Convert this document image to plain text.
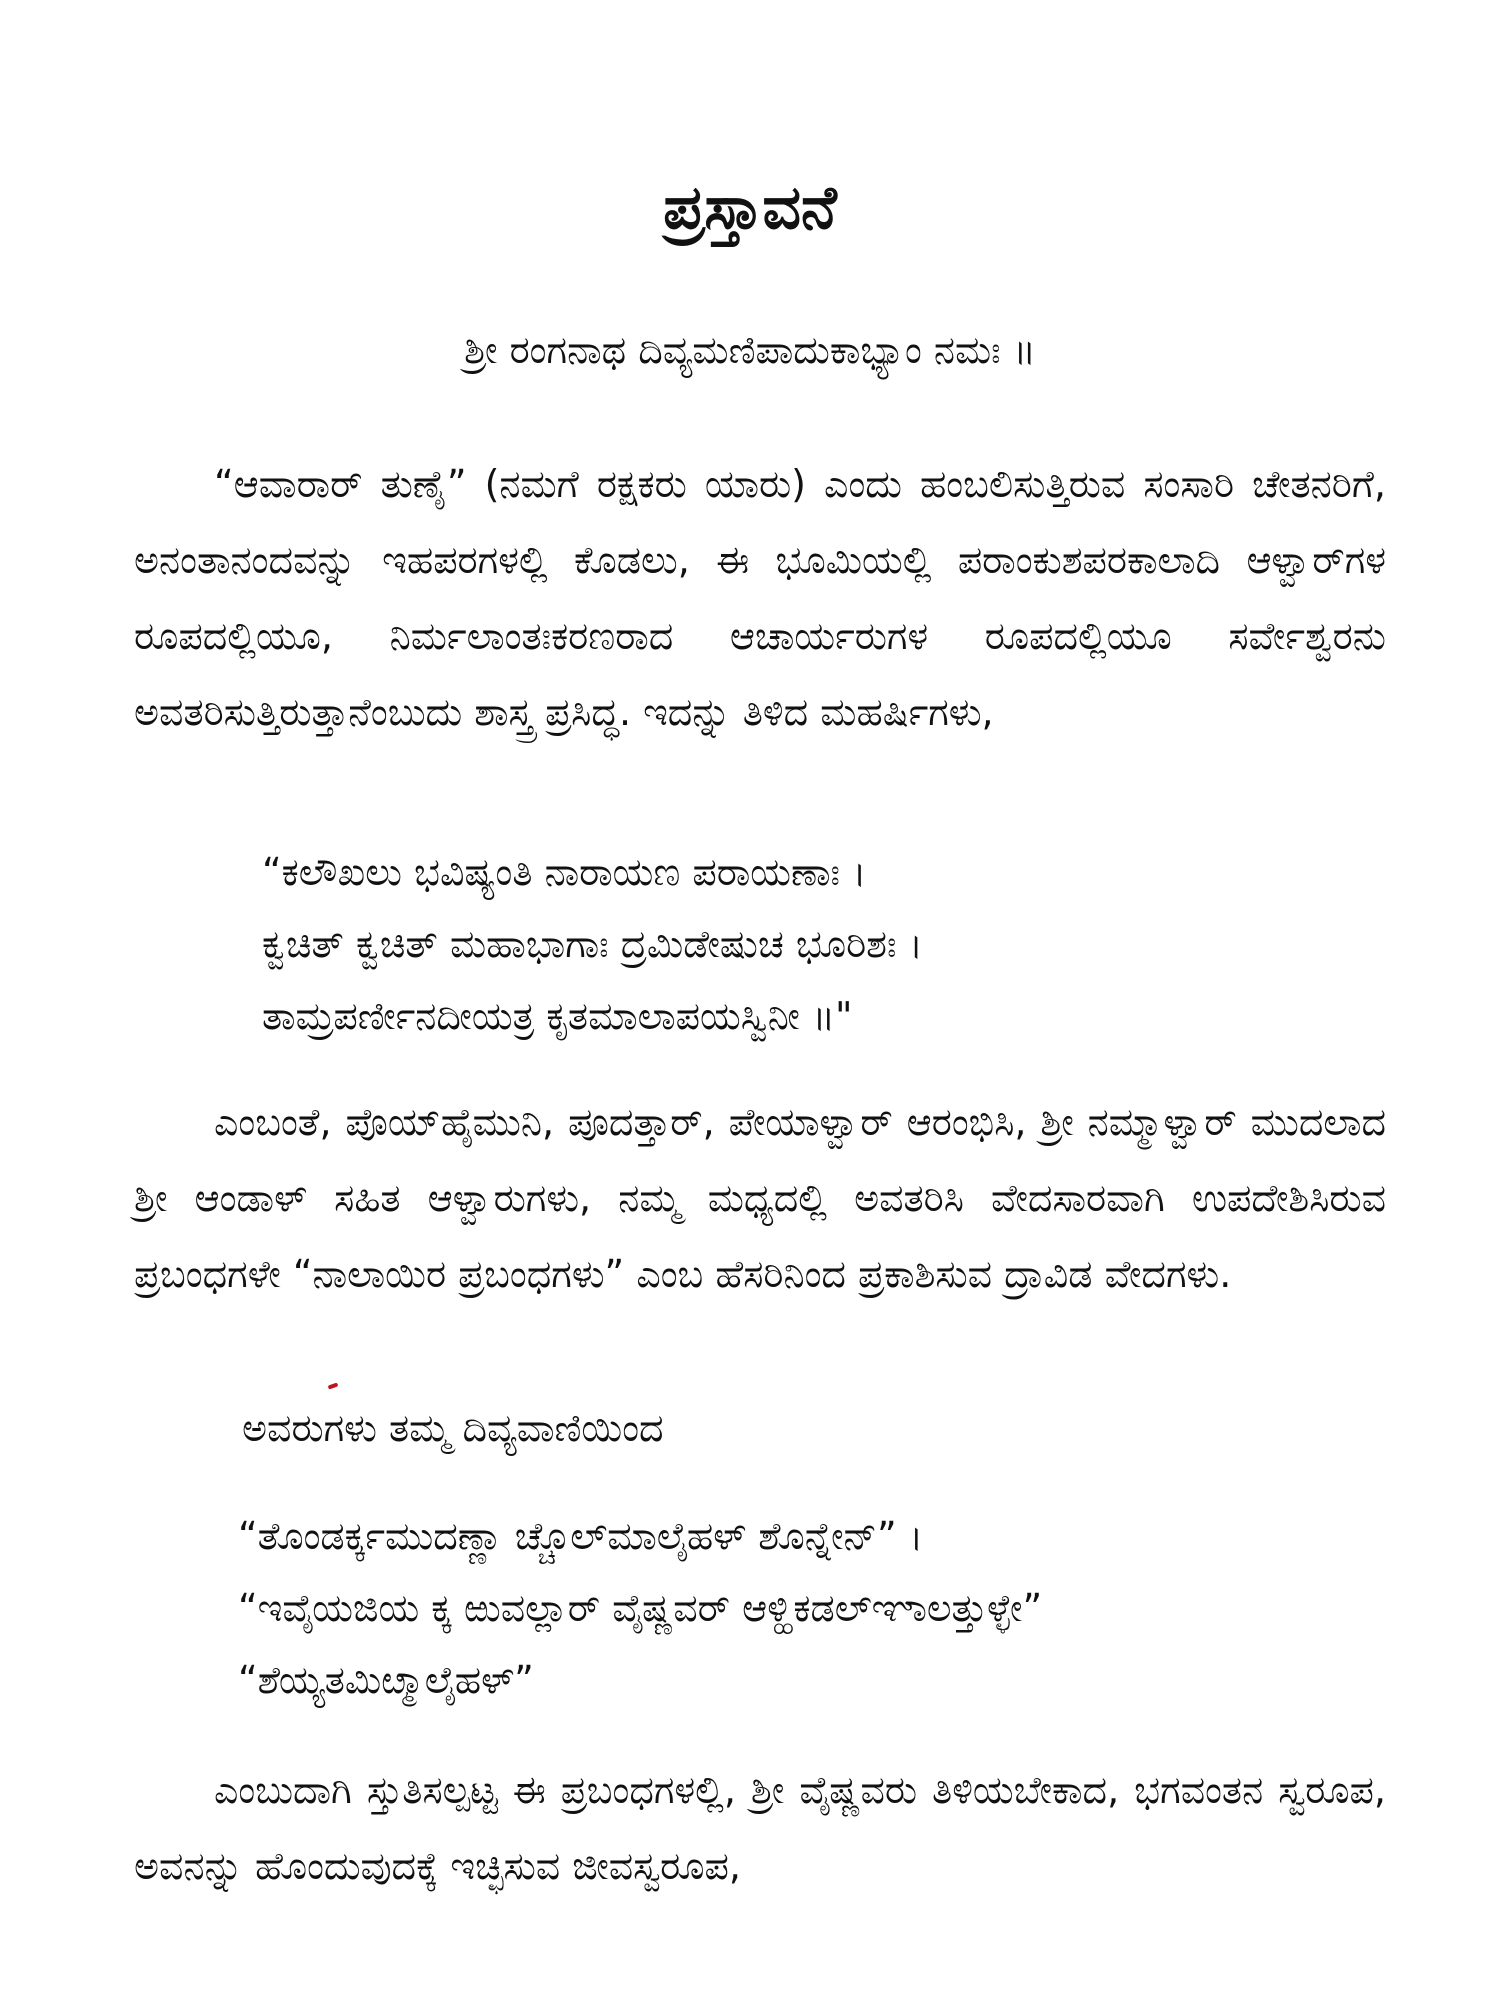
ಪ್ರಸ್ತಾವನೆ

ಶ್ರೀ ರಂಗನಾಥ ದಿವ್ಯಮಣಿಪಾದುಕಾಭ್ಯಾಂ ನಮಃ ॥

“ಆವಾರಾರ್ ತುಣೈ” (ನಮಗೆ ರಕ್ಷಕರು ಯಾರು) ಎಂದು ಹಂಬಲಿಸುತ್ತಿರುವ ಸಂಸಾರಿ ಚೇತನರಿಗೆ, ಅನಂತಾನಂದವನ್ನು ಇಹಪರಗಳಲ್ಲಿ ಕೊಡಲು, ಈ ಭೂಮಿಯಲ್ಲಿ ಪರಾಂಕುಶಪರಕಾಲಾದಿ ಆಳ್ವಾರ್‌ಗಳ ರೂಪದಲ್ಲಿಯೂ, ನಿರ್ಮಲಾಂತಃಕರಣರಾದ ಆಚಾರ್ಯರುಗಳ ರೂಪದಲ್ಲಿಯೂ ಸರ್ವೇಶ್ವರನು ಅವತರಿಸುತ್ತಿರುತ್ತಾನೆಂಬುದು ಶಾಸ್ತ್ರ ಪ್ರಸಿದ್ಧ. ಇದನ್ನು ತಿಳಿದ ಮಹರ್ಷಿಗಳು,

“ಕಲೌಖಲು ಭವಿಷ್ಯಂತಿ ನಾರಾಯಣ ಪರಾಯಣಾಃ ।
ಕ್ವಚಿತ್ ಕ್ವಚಿತ್ ಮಹಾಭಾಗಾಃ ದ್ರಮಿಡೇಷುಚ ಭೂರಿಶಃ ।
ತಾಮ್ರಪರ್ಣೀನದೀಯತ್ರ ಕೃತಮಾಲಾಪಯಸ್ವಿನೀ ॥"

ಎಂಬಂತೆ, ಪೊಯ್‌ಹೈಮುನಿ, ಪೂದತ್ತಾರ್, ಪೇಯಾಳ್ವಾರ್ ಆರಂಭಿಸಿ, ಶ್ರೀ ನಮ್ಮಾಳ್ವಾರ್ ಮುದಲಾದ ಶ್ರೀ ಆಂಡಾಳ್ ಸಹಿತ ಆಳ್ವಾರುಗಳು, ನಮ್ಮ ಮಧ್ಯದಲ್ಲಿ ಅವತರಿಸಿ ವೇದಸಾರವಾಗಿ ಉಪದೇಶಿಸಿರುವ ಪ್ರಬಂಧಗಳೇ “ನಾಲಾಯಿರ ಪ್ರಬಂಧಗಳು” ಎಂಬ ಹೆಸರಿನಿಂದ ಪ್ರಕಾಶಿಸುವ ದ್ರಾವಿಡ ವೇದಗಳು.

ಅವರುಗಳು ತಮ್ಮ ದಿವ್ಯವಾಣಿಯಿಂದ

“ತೊಂಡರ್ಕ್ಕಮುದಣ್ಣಾ ಚ್ಚೊಲ್‌ಮಾಲೈಹಳ್ ಶೊನ್ನೇನ್” ।
“ಇವೈಯಜಿಯ ಕ್ಕ ಱುವಲ್ಲಾರ್ ವೈಷ್ಣವರ್ ಆಳ್ಹಿಕಡಲ್‌ಞಾಲತ್ತುಳ್ಳೇ”
“ಶೆಯ್ಯತಮಿೞ್ಮಾಲೈಹಳ್”

ಎಂಬುದಾಗಿ ಸ್ತುತಿಸಲ್ಪಟ್ಟ ಈ ಪ್ರಬಂಧಗಳಲ್ಲಿ, ಶ್ರೀ ವೈಷ್ಣವರು ತಿಳಿಯಬೇಕಾದ, ಭಗವಂತನ ಸ್ವರೂಪ, ಅವನನ್ನು ಹೊಂದುವುದಕ್ಕೆ ಇಚ್ಛಿಸುವ ಜೀವಸ್ವರೂಪ,
